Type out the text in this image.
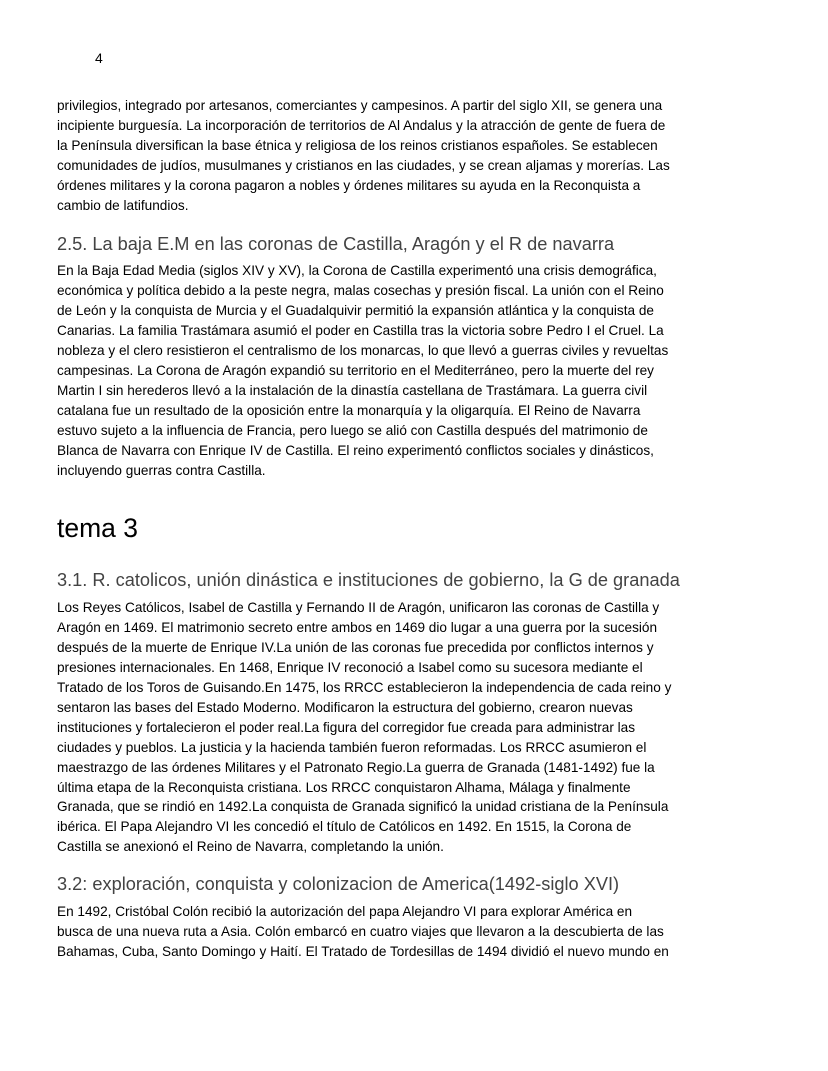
4

privilegios, integrado por artesanos, comerciantes y campesinos. A partir del siglo XII, se genera una
incipiente burguesía. La incorporación de territorios de Al Andalus y la atracción de gente de fuera de
la Península diversifican la base étnica y religiosa de los reinos cristianos españoles. Se establecen
comunidades de judíos, musulmanes y cristianos en las ciudades, y se crean aljamas y morerías. Las
órdenes militares y la corona pagaron a nobles y órdenes militares su ayuda en la Reconquista a
cambio de latifundios.

2.5. La baja E.M en las coronas de Castilla, Aragón y el R de navarra

En la Baja Edad Media (siglos XIV y XV), la Corona de Castilla experimentó una crisis demográfica,
económica y política debido a la peste negra, malas cosechas y presión fiscal. La unión con el Reino
de León y la conquista de Murcia y el Guadalquivir permitió la expansión atlántica y la conquista de
Canarias. La familia Trastámara asumió el poder en Castilla tras la victoria sobre Pedro I el Cruel. La
nobleza y el clero resistieron el centralismo de los monarcas, lo que llevó a guerras civiles y revueltas
campesinas. La Corona de Aragón expandió su territorio en el Mediterráneo, pero la muerte del rey
Martin I sin herederos llevó a la instalación de la dinastía castellana de Trastámara. La guerra civil
catalana fue un resultado de la oposición entre la monarquía y la oligarquía. El Reino de Navarra
estuvo sujeto a la influencia de Francia, pero luego se alió con Castilla después del matrimonio de
Blanca de Navarra con Enrique IV de Castilla. El reino experimentó conflictos sociales y dinásticos,
incluyendo guerras contra Castilla.

tema 3
3.1. R. catolicos, unión dinástica e instituciones de gobierno, la G de granada

Los Reyes Católicos, Isabel de Castilla y Fernando II de Aragón, unificaron las coronas de Castilla y
Aragón en 1469. El matrimonio secreto entre ambos en 1469 dio lugar a una guerra por la sucesión
después de la muerte de Enrique IV.La unión de las coronas fue precedida por conflictos internos y
presiones internacionales. En 1468, Enrique IV reconoció a Isabel como su sucesora mediante el
Tratado de los Toros de Guisando.En 1475, los RRCC establecieron la independencia de cada reino y
sentaron las bases del Estado Moderno. Modificaron la estructura del gobierno, crearon nuevas
instituciones y fortalecieron el poder real.La figura del corregidor fue creada para administrar las
ciudades y pueblos. La justicia y la hacienda también fueron reformadas. Los RRCC asumieron el
maestrazgo de las órdenes Militares y el Patronato Regio.La guerra de Granada (1481-1492) fue la
última etapa de la Reconquista cristiana. Los RRCC conquistaron Alhama, Málaga y finalmente
Granada, que se rindió en 1492.La conquista de Granada significó la unidad cristiana de la Península
ibérica. El Papa Alejandro VI les concedió el título de Católicos en 1492. En 1515, la Corona de
Castilla se anexionó el Reino de Navarra, completando la unión.

3.2: exploración, conquista y colonizacion de America(1492-siglo XVI)

En 1492, Cristóbal Colón recibió la autorización del papa Alejandro VI para explorar América en
busca de una nueva ruta a Asia. Colón embarcó en cuatro viajes que llevaron a la descubierta de las
Bahamas, Cuba, Santo Domingo y Haití. El Tratado de Tordesillas de 1494 dividió el nuevo mundo en
